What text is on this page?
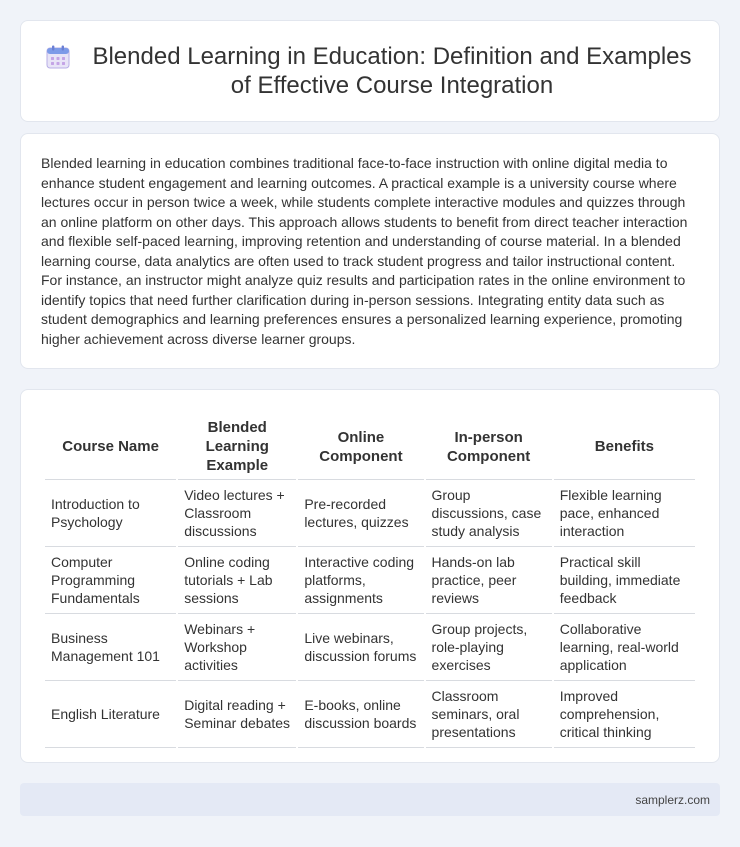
Blended Learning in Education: Definition and Examples of Effective Course Integration

Blended learning in education combines traditional face-to-face instruction with online digital media to enhance student engagement and learning outcomes. A practical example is a university course where lectures occur in person twice a week, while students complete interactive modules and quizzes through an online platform on other days. This approach allows students to benefit from direct teacher interaction and flexible self-paced learning, improving retention and understanding of course material. In a blended learning course, data analytics are often used to track student progress and tailor instructional content. For instance, an instructor might analyze quiz results and participation rates in the online environment to identify topics that need further clarification during in-person sessions. Integrating entity data such as student demographics and learning preferences ensures a personalized learning experience, promoting higher achievement across diverse learner groups.

Course Name	Blended Learning Example	Online Component	In-person Component	Benefits
Introduction to Psychology	Video lectures + Classroom discussions	Pre-recorded lectures, quizzes	Group discussions, case study analysis	Flexible learning pace, enhanced interaction
Computer Programming Fundamentals	Online coding tutorials + Lab sessions	Interactive coding platforms, assignments	Hands-on lab practice, peer reviews	Practical skill building, immediate feedback
Business Management 101	Webinars + Workshop activities	Live webinars, discussion forums	Group projects, role-playing exercises	Collaborative learning, real-world application
English Literature	Digital reading + Seminar debates	E-books, online discussion boards	Classroom seminars, oral presentations	Improved comprehension, critical thinking
samplerz.com
